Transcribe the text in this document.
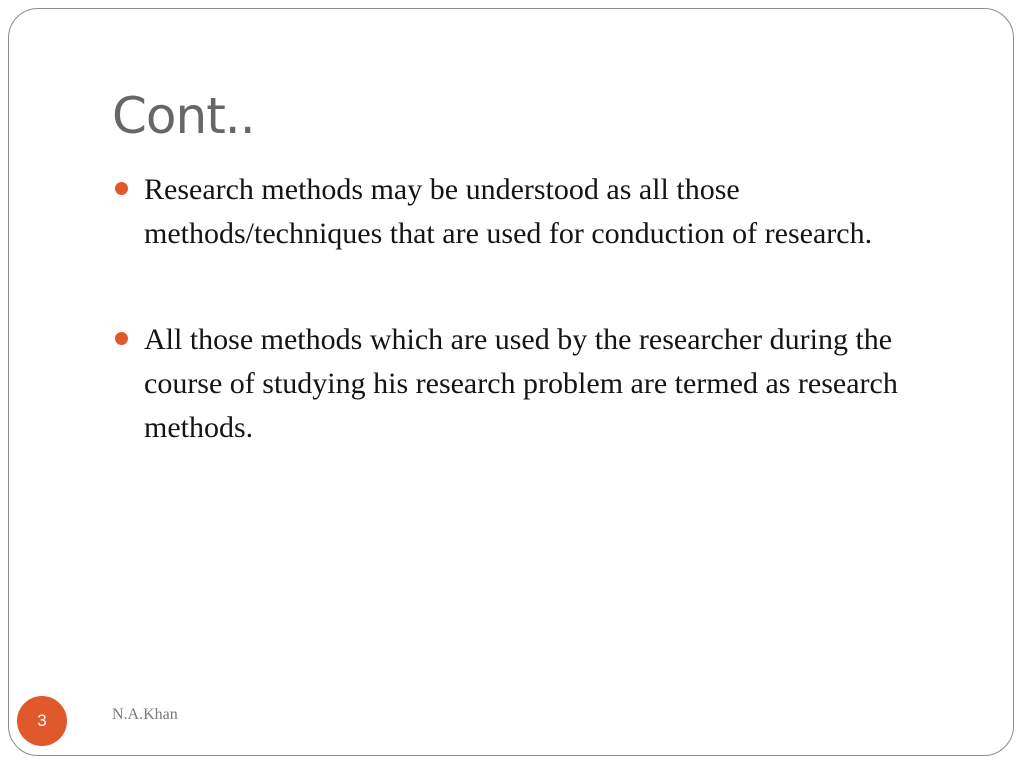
Cont..
Research methods may be understood as all those methods/techniques that are used for conduction of research.
All those methods which are used by the researcher during the course of studying his research problem are termed as research methods.
3	N.A.Khan
